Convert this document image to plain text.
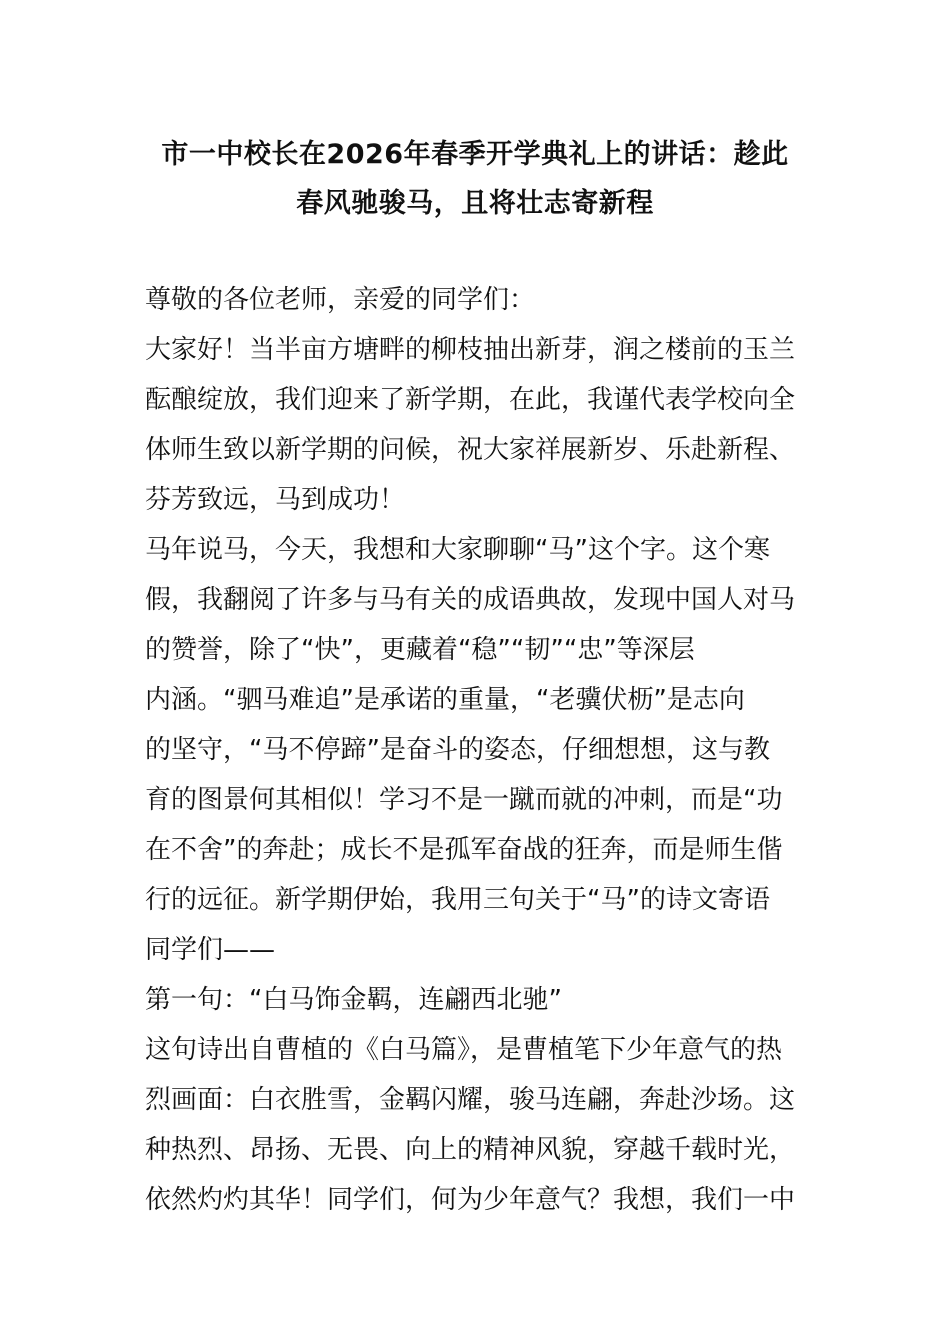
市一中校长在2026年春季开学典礼上的讲话：趁此
春风驰骏马，且将壮志寄新程
尊敬的各位老师，亲爱的同学们：
大家好！当半亩方塘畔的柳枝抽出新芽，润之楼前的玉兰
酝酿绽放，我们迎来了新学期，在此，我谨代表学校向全
体师生致以新学期的问候，祝大家祥展新岁、乐赴新程、
芬芳致远，马到成功！
马年说马，今天，我想和大家聊聊“马”这个字。这个寒
假，我翻阅了许多与马有关的成语典故，发现中国人对马
的赞誉，除了“快”，更藏着“稳”“韧”“忠”等深层
内涵。“驷马难追”是承诺的重量，“老骥伏枥”是志向
的坚守，“马不停蹄”是奋斗的姿态，仔细想想，这与教
育的图景何其相似！学习不是一蹴而就的冲刺，而是“功
在不舍”的奔赴；成长不是孤军奋战的狂奔，而是师生偕
行的远征。新学期伊始，我用三句关于“马”的诗文寄语
同学们——
第一句：“白马饰金羁，连翩西北驰”
这句诗出自曹植的《白马篇》，是曹植笔下少年意气的热
烈画面：白衣胜雪，金羁闪耀，骏马连翩，奔赴沙场。这
种热烈、昂扬、无畏、向上的精神风貌，穿越千载时光，
依然灼灼其华！同学们，何为少年意气？我想，我们一中
